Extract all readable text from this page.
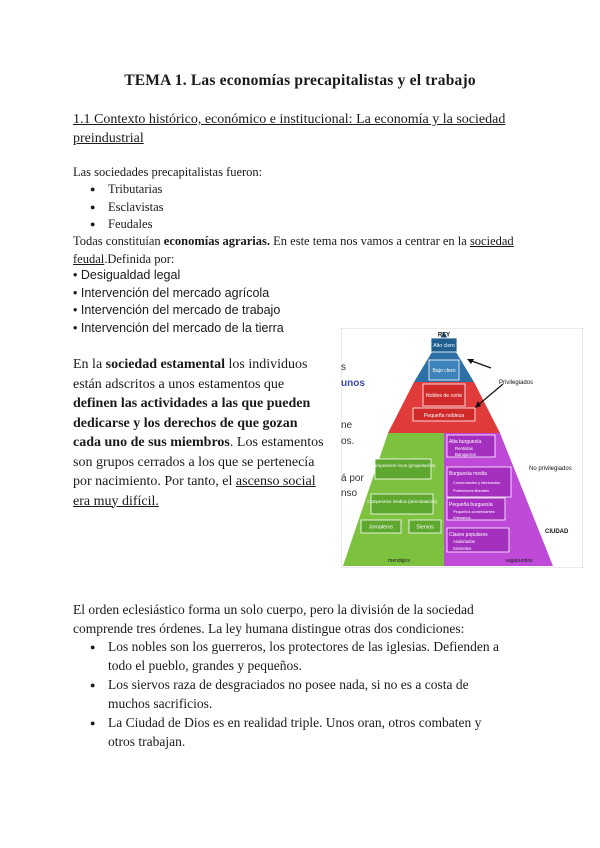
TEMA 1. Las economías precapitalistas y el trabajo
1.1 Contexto histórico, económico e institucional: La economía y la sociedad preindustrial
Las sociedades precapitalistas fueron:
● Tributarias
● Esclavistas
● Feudales
Todas constituían economías agrarias. En este tema nos vamos a centrar en la sociedad feudal.Definida por:
• Desigualdad legal
• Intervención del mercado agrícola
• Intervención del mercado de trabajo
• Intervención del mercado de la tierra
En la sociedad estamental los individuos están adscritos a unos estamentos que definen las actividades a las que pueden dedicarse y los derechos de que gozan cada uno de sus miembros. Los estamentos son grupos cerrados a los que se pertenecía por nacimiento. Por tanto, el ascenso social era muy difícil.
s
unos
ne
os.
á por
nso
REY
Alto clero
Bajo clero
Nobles de corte
Pequeña nobleza
Campesinos ricos (propietarios)
Campesinos medios (arrendatarios)
Jornaleros	Siervos
Alta burguesía
Rentistas
Banqueros
Burguesía media
Comerciantes y fabricantes
Profesiones liberales
Pequeña burguesía
Pequeños comerciantes
Artesanos
Clases populares
Asalariados
Sirvientes
mendigos	vagabundos
Privilegiados
No privilegiados
CIUDAD
El orden eclesiástico forma un solo cuerpo, pero la división de la sociedad comprende tres órdenes. La ley humana distingue otras dos condiciones:
● Los nobles son los guerreros, los protectores de las iglesias. Defienden a todo el pueblo, grandes y pequeños.
● Los siervos raza de desgraciados no posee nada, si no es a costa de muchos sacrificios.
● La Ciudad de Dios es en realidad triple. Unos oran, otros combaten y otros trabajan.
